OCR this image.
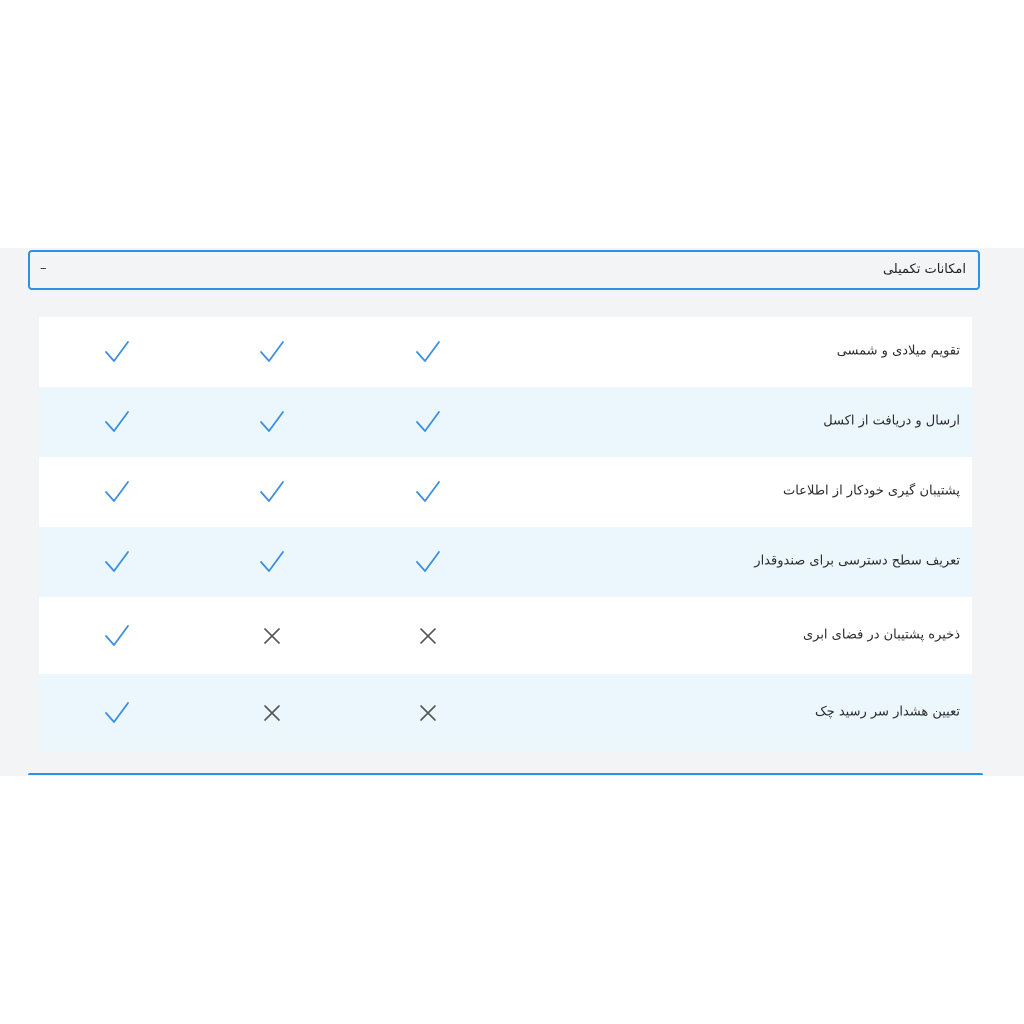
امکانات تکمیلی
–
تقویم میلادی و شمسی
ارسال و دریافت از اکسل
پشتیبان گیری خودکار از اطلاعات
تعریف سطح دسترسی برای صندوقدار
ذخیره پشتیبان در فضای ابری
تعیین هشدار سر رسید چک
